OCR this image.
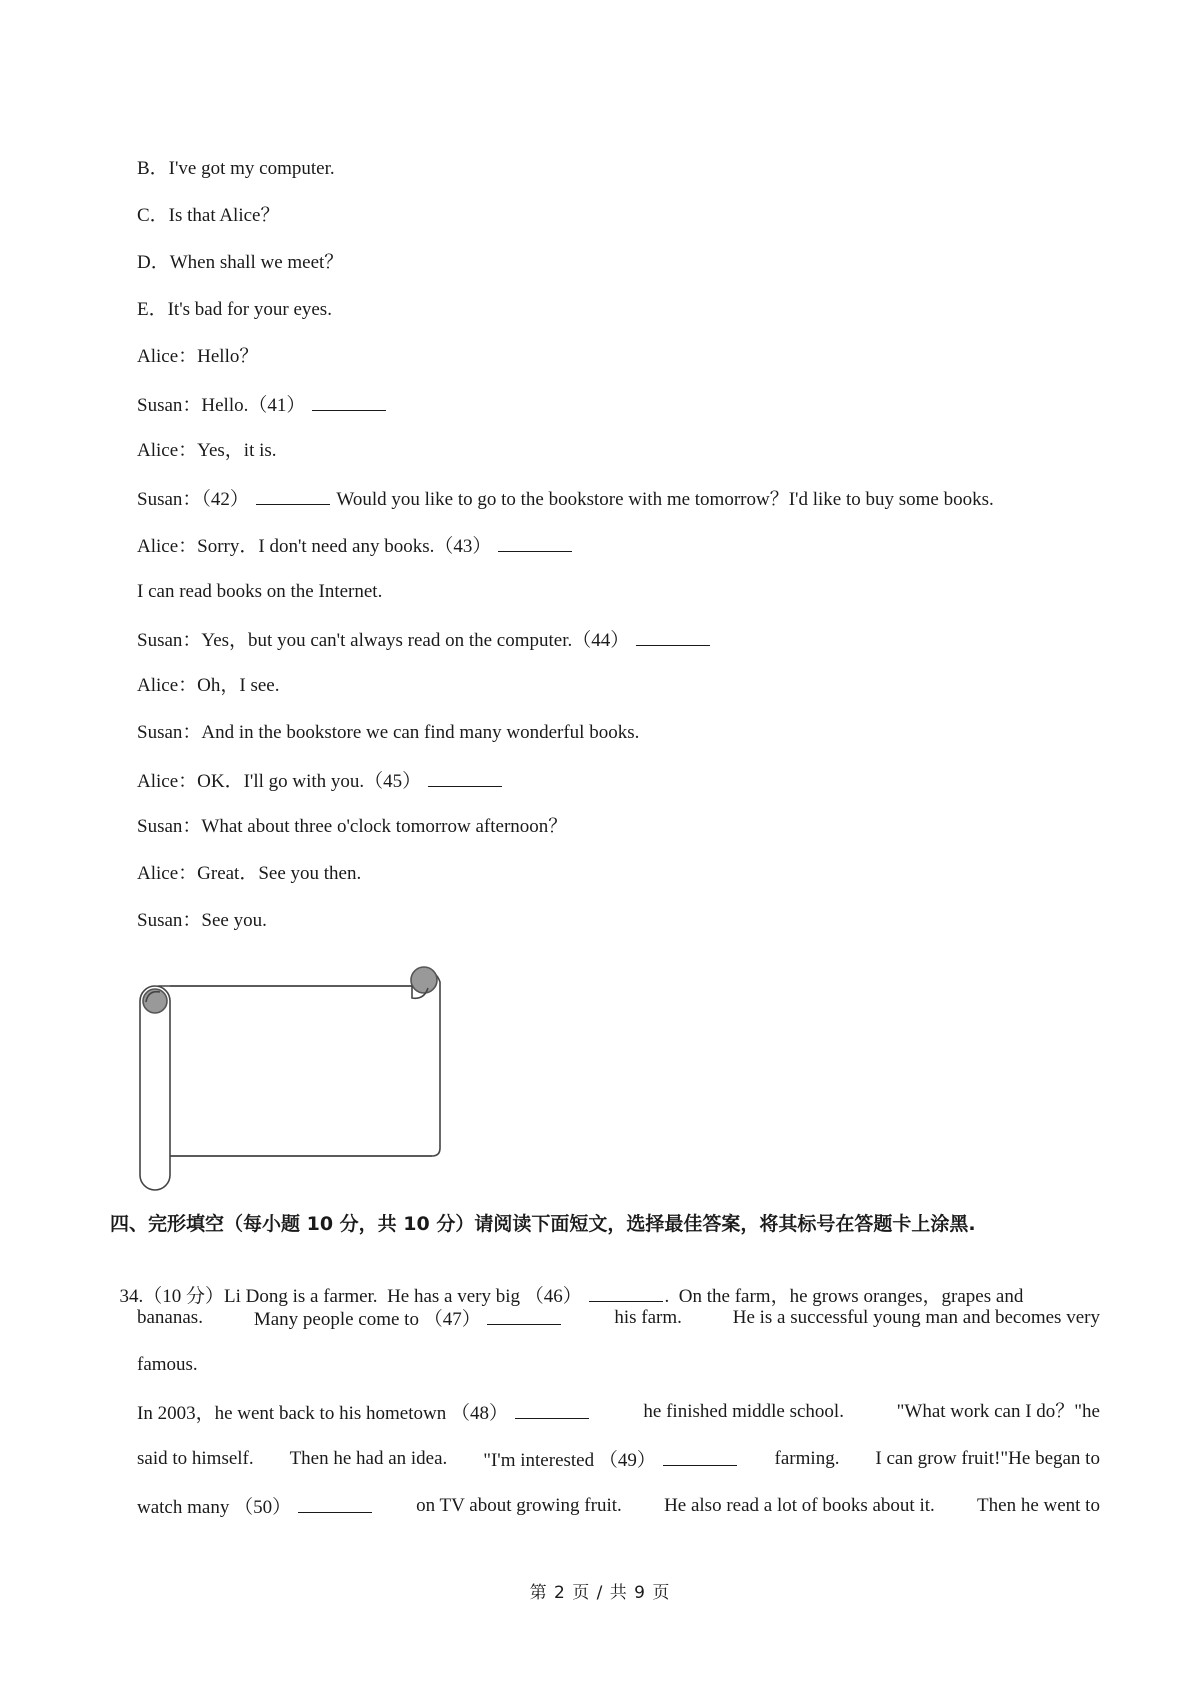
B．I've got my computer.
C．Is that Alice？
D．When shall we meet？
E．It's bad for your eyes.
Alice：Hello？
Susan：Hello.（41）
Alice：Yes，it is.
Susan：（42）	Would you like to go to the bookstore with me tomorrow？I'd like to buy some books.
Alice：Sorry．I don't need any books.（43）
I can read books on the Internet.
Susan：Yes，but you can't always read on the computer.（44）
Alice：Oh，I see.
Susan：And in the bookstore we can find many wonderful books.
Alice：OK．I'll go with you.（45）
Susan：What about three o'clock tomorrow afternoon？
Alice：Great．See you then.
Susan：See you.
四、完形填空（每小题 10 分，共 10 分）请阅读下面短文，选择最佳答案，将其标号在答题卡上涂黑.

34.（10 分）Li Dong is a farmer. He has a very big （46）	. On the farm，he grows oranges，grapes and

bananas.	Many people come to （47）	his farm.	He is a successful young man and becomes very
famous.
In 2003，he went back to his hometown （48）	he finished middle school.	"What work can I do？"he
said to himself. Then he had an idea. "I'm interested （49）	farming. I can grow fruit!"He began to
watch many （50）	on TV about growing fruit. He also read a lot of books about it. Then he went to
第 2 页 / 共 9 页
